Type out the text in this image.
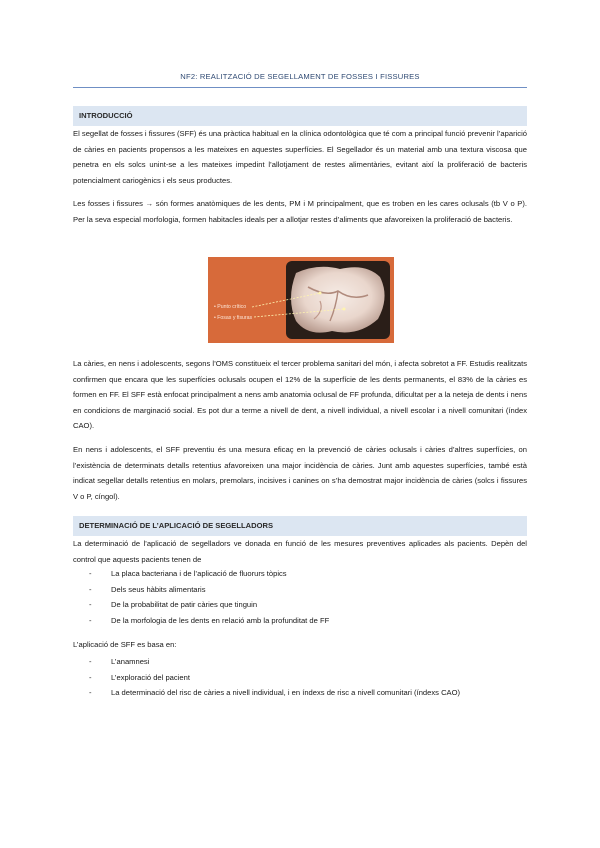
NF2: REALITZACIÓ DE SEGELLAMENT DE FOSSES I FISSURES
INTRODUCCIÓ

El segellat de fosses i fissures (SFF) és una pràctica habitual en la clínica odontològica que té com a principal funció prevenir l’aparició de càries en pacients propensos a les mateixes en aquestes superfícies. El Segellador és un material amb una textura viscosa que penetra en els solcs unint-se a les mateixes impedint l’allotjament de restes alimentàries, evitant així la proliferació de bacteris potencialment cariogènics i els seus productes.

Les fosses i fissures → són formes anatòmiques de les dents, PM i M principalment, que es troben en les cares oclusals (tb V o P). Per la seva especial morfologia, formen habitacles ideals per a allotjar restes d’aliments que afavoreixen la proliferació de bacteris.

• Punto crítico
• Fosas y fisuras

La càries, en nens i adolescents, segons l’OMS constitueix el tercer problema sanitari del món, i afecta sobretot a FF. Estudis realitzats confirmen que encara que les superfícies oclusals ocupen el 12% de la superfície de les dents permanents, el 83% de la càries es formen en FF. El SFF està enfocat principalment a nens amb anatomia oclusal de FF profunda, dificultat per a la neteja de dents i nens en condicions de marginació social. Es pot dur a terme a nivell de dent, a nivell individual, a nivell escolar i a nivell comunitari (índex CAO).

En nens i adolescents, el SFF preventiu és una mesura eficaç en la prevenció de càries oclusals i càries d’altres superfícies, on l’existència de determinats detalls retentius afavoreixen una major incidència de càries. Junt amb aquestes superfícies, també està indicat segellar detalls retentius en molars, premolars, incisives i canines on s’ha demostrat major incidència de càries (solcs i fissures V o P, cíngol).

DETERMINACIÓ DE L’APLICACIÓ DE SEGELLADORS

La determinació de l’aplicació de segelladors ve donada en funció de les mesures preventives aplicades als pacients. Depèn del control que aquests pacients tenen de

-	La placa bacteriana i de l’aplicació de fluorurs tòpics
-	Dels seus hàbits alimentaris
-	De la probabilitat de patir càries que tinguin
-	De la morfologia de les dents en relació amb la profunditat de FF

L’aplicació de SFF es basa en:

-	L’anamnesi
-	L’exploració del pacient
-	La determinació del risc de càries a nivell individual, i en índexs de risc a nivell comunitari (índexs CAO)
